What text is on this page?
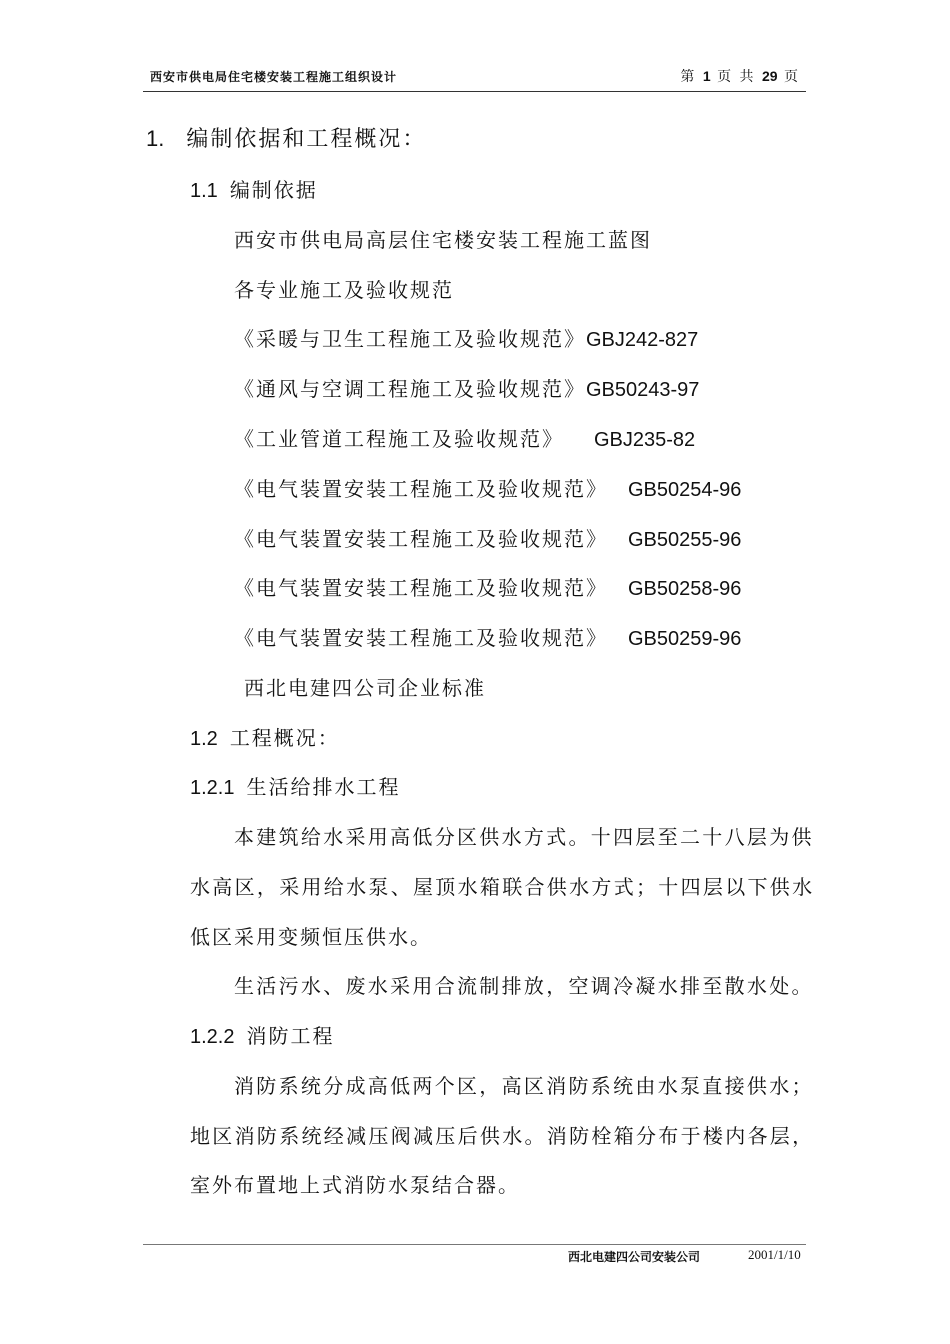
西安市供电局住宅楼安装工程施工组织设计	第 1 页 共 29 页
1. 编制依据和工程概况：
1.1 编制依据
西安市供电局高层住宅楼安装工程施工蓝图
各专业施工及验收规范
《采暖与卫生工程施工及验收规范》GBJ242-827
《通风与空调工程施工及验收规范》GB50243-97
《工业管道工程施工及验收规范》 GBJ235-82
《电气装置安装工程施工及验收规范》 GB50254-96
《电气装置安装工程施工及验收规范》 GB50255-96
《电气装置安装工程施工及验收规范》 GB50258-96
《电气装置安装工程施工及验收规范》 GB50259-96
西北电建四公司企业标准
1.2 工程概况：
1.2.1 生活给排水工程
本建筑给水采用高低分区供水方式。十四层至二十八层为供
水高区，采用给水泵、屋顶水箱联合供水方式；十四层以下供水
低区采用变频恒压供水。
生活污水、废水采用合流制排放，空调冷凝水排至散水处。
1.2.2 消防工程
消防系统分成高低两个区，高区消防系统由水泵直接供水；
地区消防系统经减压阀减压后供水。消防栓箱分布于楼内各层，
室外布置地上式消防水泵结合器。
西北电建四公司安装公司	2001/1/10
